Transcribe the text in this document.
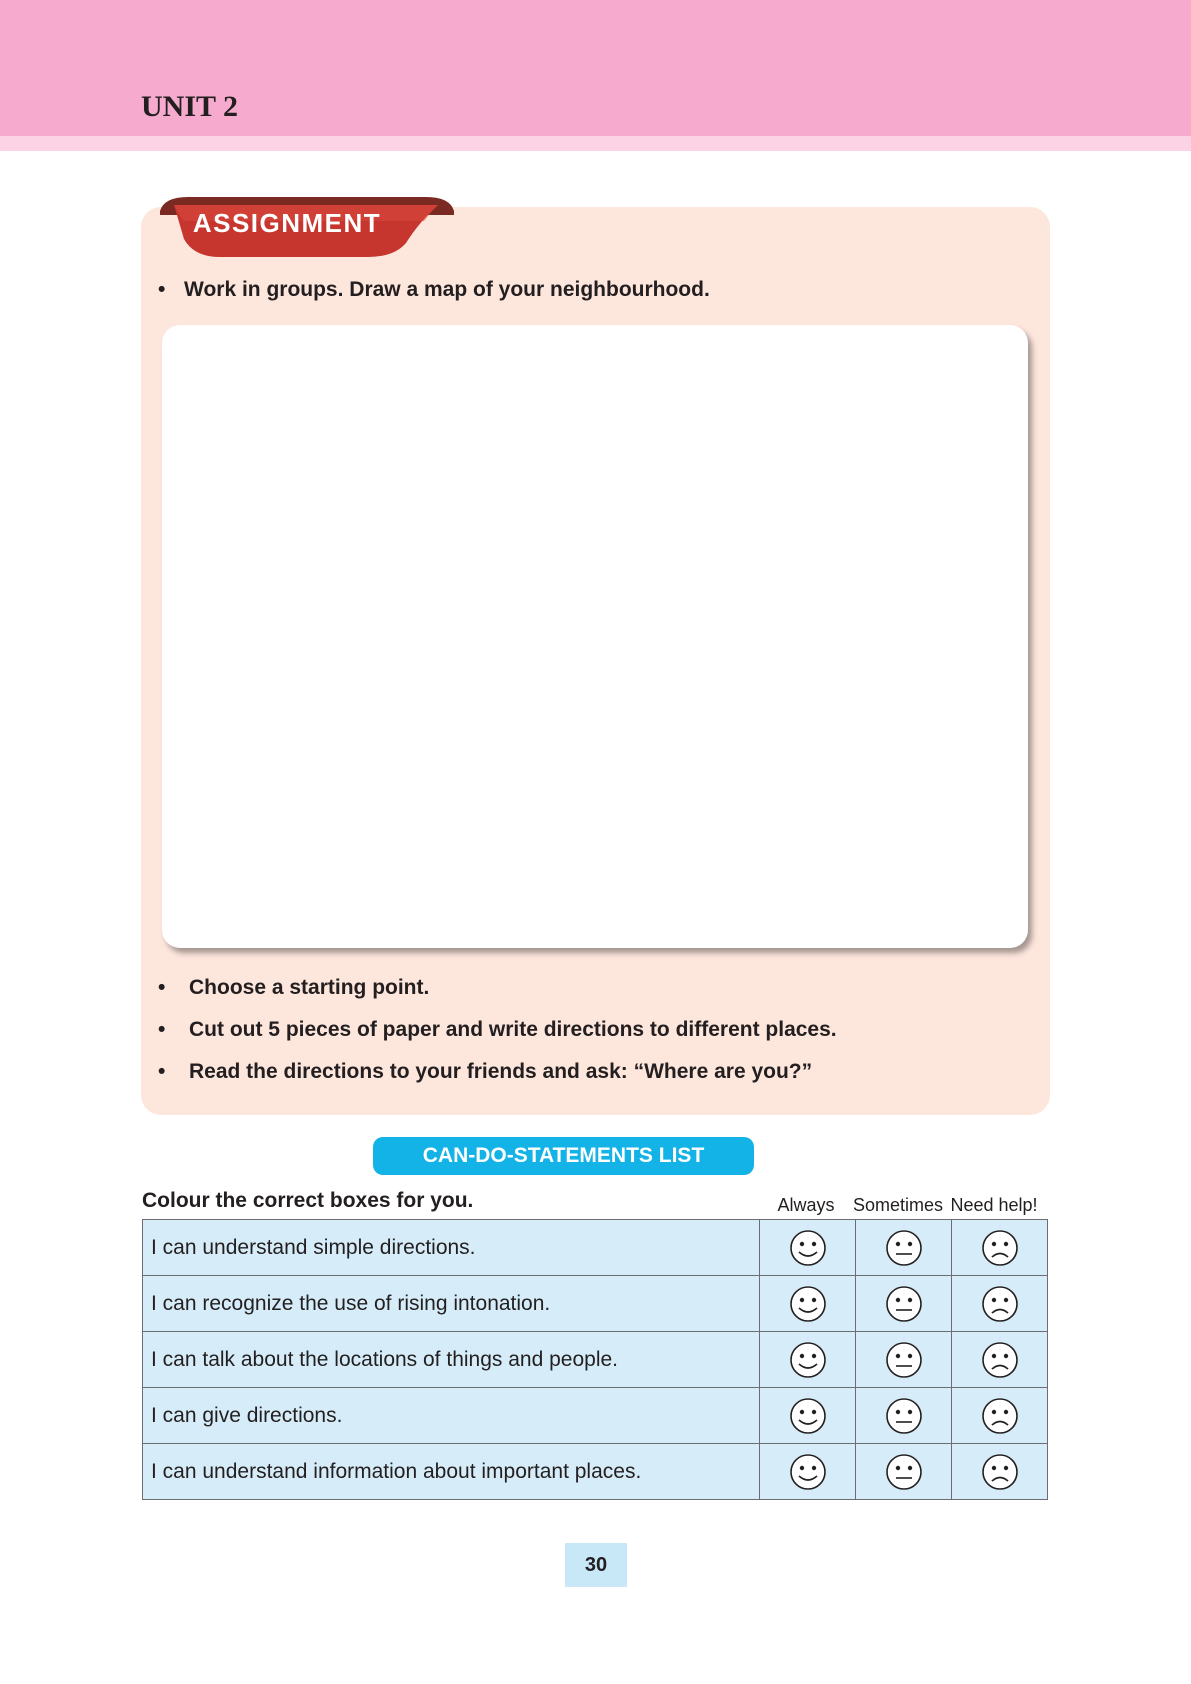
UNIT 2
ASSIGNMENT
• Work in groups. Draw a map of your neighbourhood.
• Choose a starting point.
• Cut out 5 pieces of paper and write directions to different places.
• Read the directions to your friends and ask: “Where are you?”
CAN-DO-STATEMENTS LIST
Colour the correct boxes for you.	Always	Sometimes Need help!
I can understand simple directions.	

I can recognize the use of rising intonation.	

I can talk about the locations of things and people.	

I can give directions.	

I can understand information about important places.	

30
